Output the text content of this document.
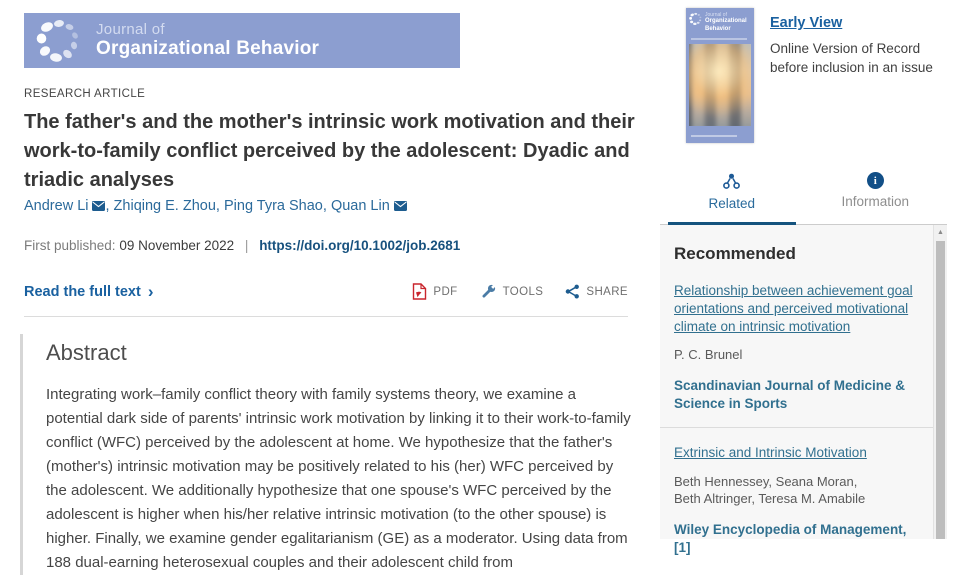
Journal of
Organizational Behavior
RESEARCH ARTICLE
The father's and the mother's intrinsic work motivation and their
work-to-family conflict perceived by the adolescent: Dyadic and
triadic analyses
Andrew Li , Zhiqing E. Zhou, Ping Tyra Shao, Quan Lin
First published: 09 November 2022 | https://doi.org/10.1002/job.2681
Read the full text ›	PDF	TOOLS	SHARE
Abstract

Integrating work–family conflict theory with family systems theory, we examine a potential dark side of parents' intrinsic work motivation by linking it to their work-to-family conflict (WFC) perceived by the adolescent at home. We hypothesize that the father's (mother's) intrinsic motivation may be positively related to his (her) WFC perceived by the adolescent. We additionally hypothesize that one spouse's WFC perceived by the adolescent is higher when his/her relative intrinsic motivation (to the other spouse) is higher. Finally, we examine gender egalitarianism (GE) as a moderator. Using data from 188 dual-earning heterosexual couples and their adolescent child from

Journal of
Organizational
Behavior	Early View
Online Version of Record before inclusion in an issue
Related
i
Information
Recommended
Relationship between achievement goal orientations and perceived motivational climate on intrinsic motivation
P. C. Brunel
Scandinavian Journal of Medicine & Science in Sports
Extrinsic and Intrinsic Motivation
Beth Hennessey, Seana Moran,
Beth Altringer, Teresa M. Amabile
Wiley Encyclopedia of Management, [1]
▲
